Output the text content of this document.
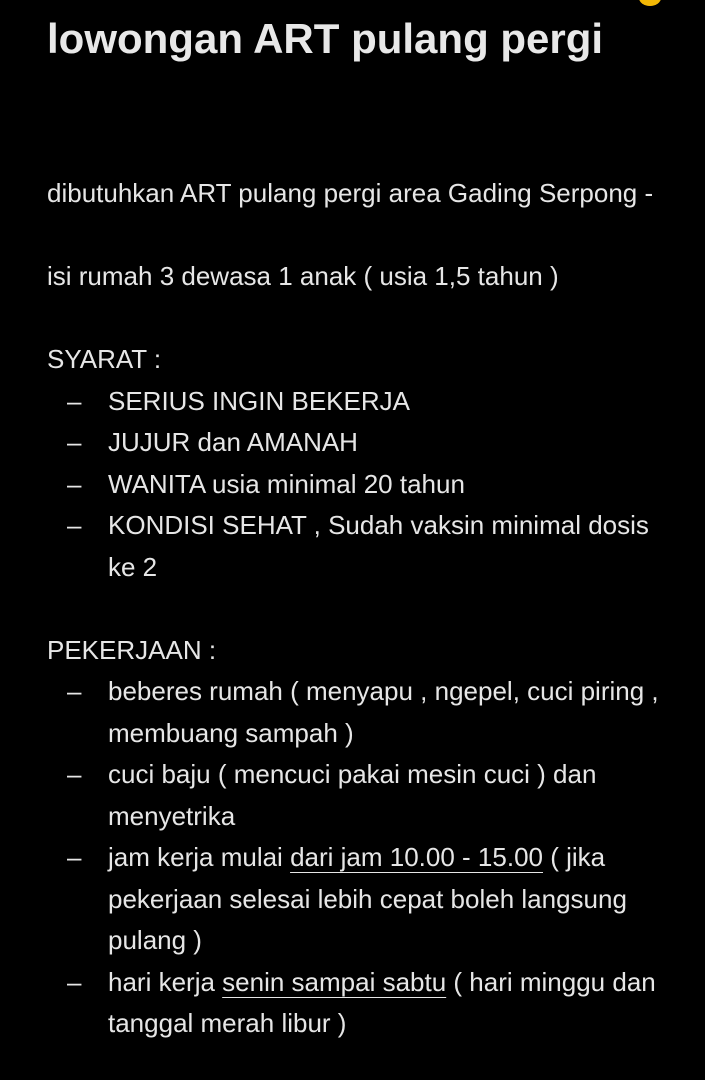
lowongan ART pulang pergi

dibutuhkan ART pulang pergi area Gading Serpong -

isi rumah 3 dewasa 1 anak ( usia 1,5 tahun )

SYARAT :

– SERIUS INGIN BEKERJA
– JUJUR dan AMANAH
– WANITA usia minimal 20 tahun
– KONDISI SEHAT , Sudah vaksin minimal dosis ke 2

PEKERJAAN :

– beberes rumah ( menyapu , ngepel, cuci piring , membuang sampah )
– cuci baju ( mencuci pakai mesin cuci ) dan menyetrika
– jam kerja mulai dari jam 10.00 - 15.00 ( jika pekerjaan selesai lebih cepat boleh langsung pulang )
– hari kerja senin sampai sabtu ( hari minggu dan tanggal merah libur )
